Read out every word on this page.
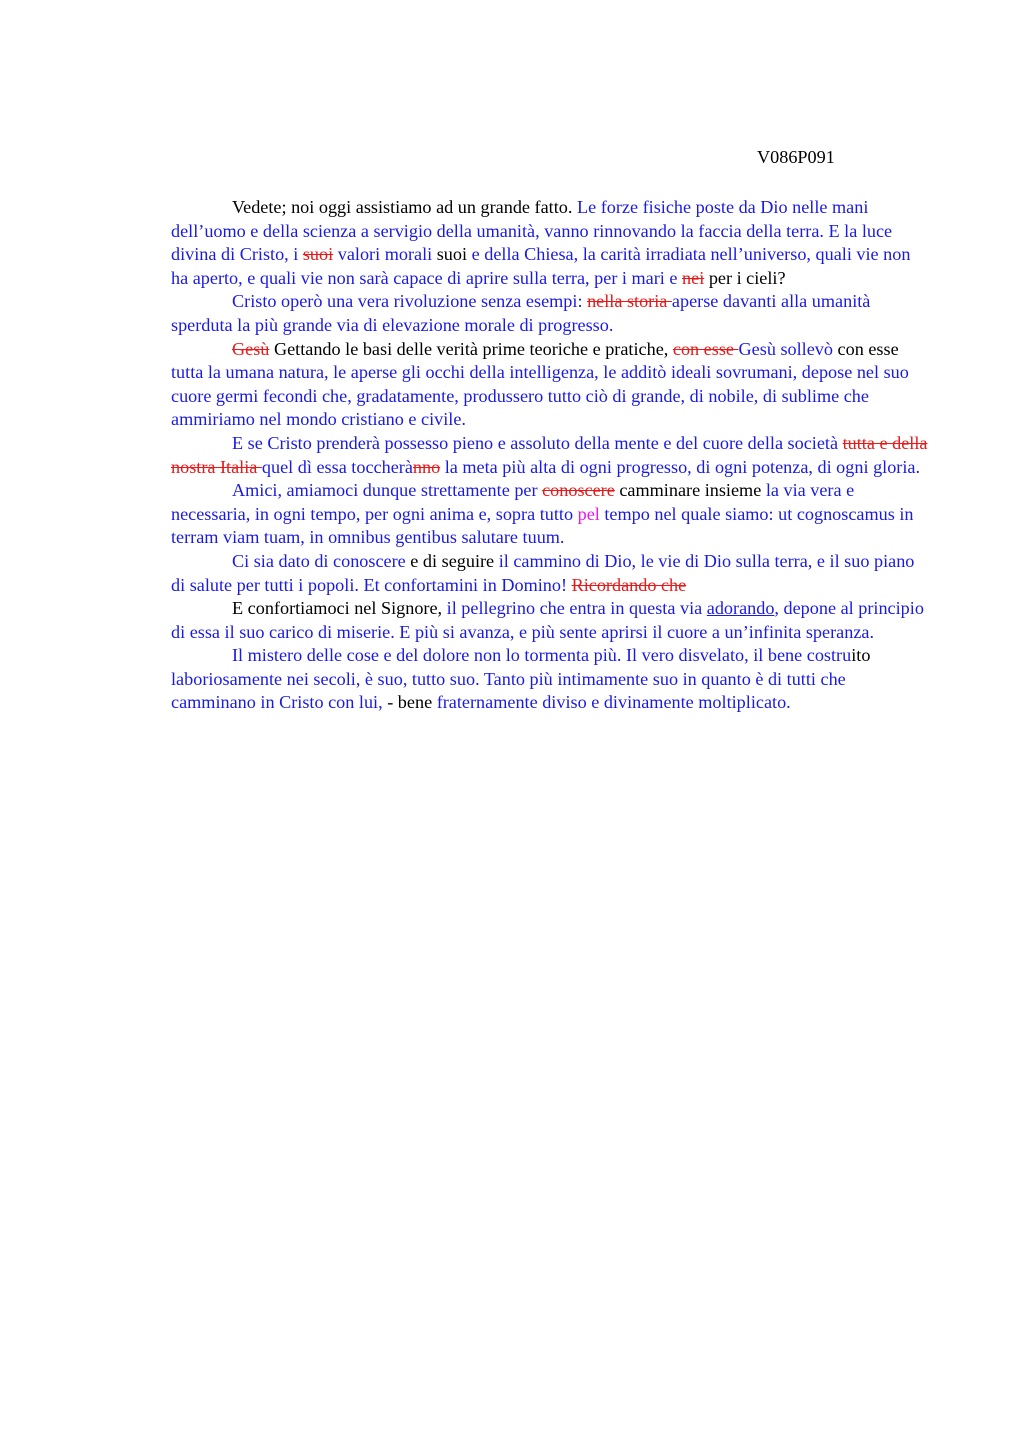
V086P091

Vedete; noi oggi assistiamo ad un grande fatto. Le forze fisiche poste da Dio nelle mani dell’uomo e della scienza a servigio della umanità, vanno rinnovando la faccia della terra. E la luce divina di Cristo, i suoi valori morali suoi e della Chiesa, la carità irradiata nell’universo, quali vie non ha aperto, e quali vie non sarà capace di aprire sulla terra, per i mari e nei per i cieli?

Cristo operò una vera rivoluzione senza esempi: nella storia aperse davanti alla umanità sperduta la più grande via di elevazione morale di progresso.

Gesù Gettando le basi delle verità prime teoriche e pratiche, con esse Gesù sollevò con esse tutta la umana natura, le aperse gli occhi della intelligenza, le additò ideali sovrumani, depose nel suo cuore germi fecondi che, gradatamente, produssero tutto ciò di grande, di nobile, di sublime che ammiriamo nel mondo cristiano e civile.

E se Cristo prenderà possesso pieno e assoluto della mente e del cuore della società tutta e della nostra Italia quel dì essa toccherànno la meta più alta di ogni progresso, di ogni potenza, di ogni gloria.

Amici, amiamoci dunque strettamente per conoscere camminare insieme la via vera e necessaria, in ogni tempo, per ogni anima e, sopra tutto pel tempo nel quale siamo: ut cognoscamus in terram viam tuam, in omnibus gentibus salutare tuum.

Ci sia dato di conoscere e di seguire il cammino di Dio, le vie di Dio sulla terra, e il suo piano di salute per tutti i popoli. Et confortamini in Domino! Ricordando che

E confortiamoci nel Signore, il pellegrino che entra in questa via adorando, depone al principio di essa il suo carico di miserie. E più si avanza, e più sente aprirsi il cuore a un’infinita speranza.

Il mistero delle cose e del dolore non lo tormenta più. Il vero disvelato, il bene costruito laboriosamente nei secoli, è suo, tutto suo. Tanto più intimamente suo in quanto è di tutti che camminano in Cristo con lui, - bene fraternamente diviso e divinamente moltiplicato.
